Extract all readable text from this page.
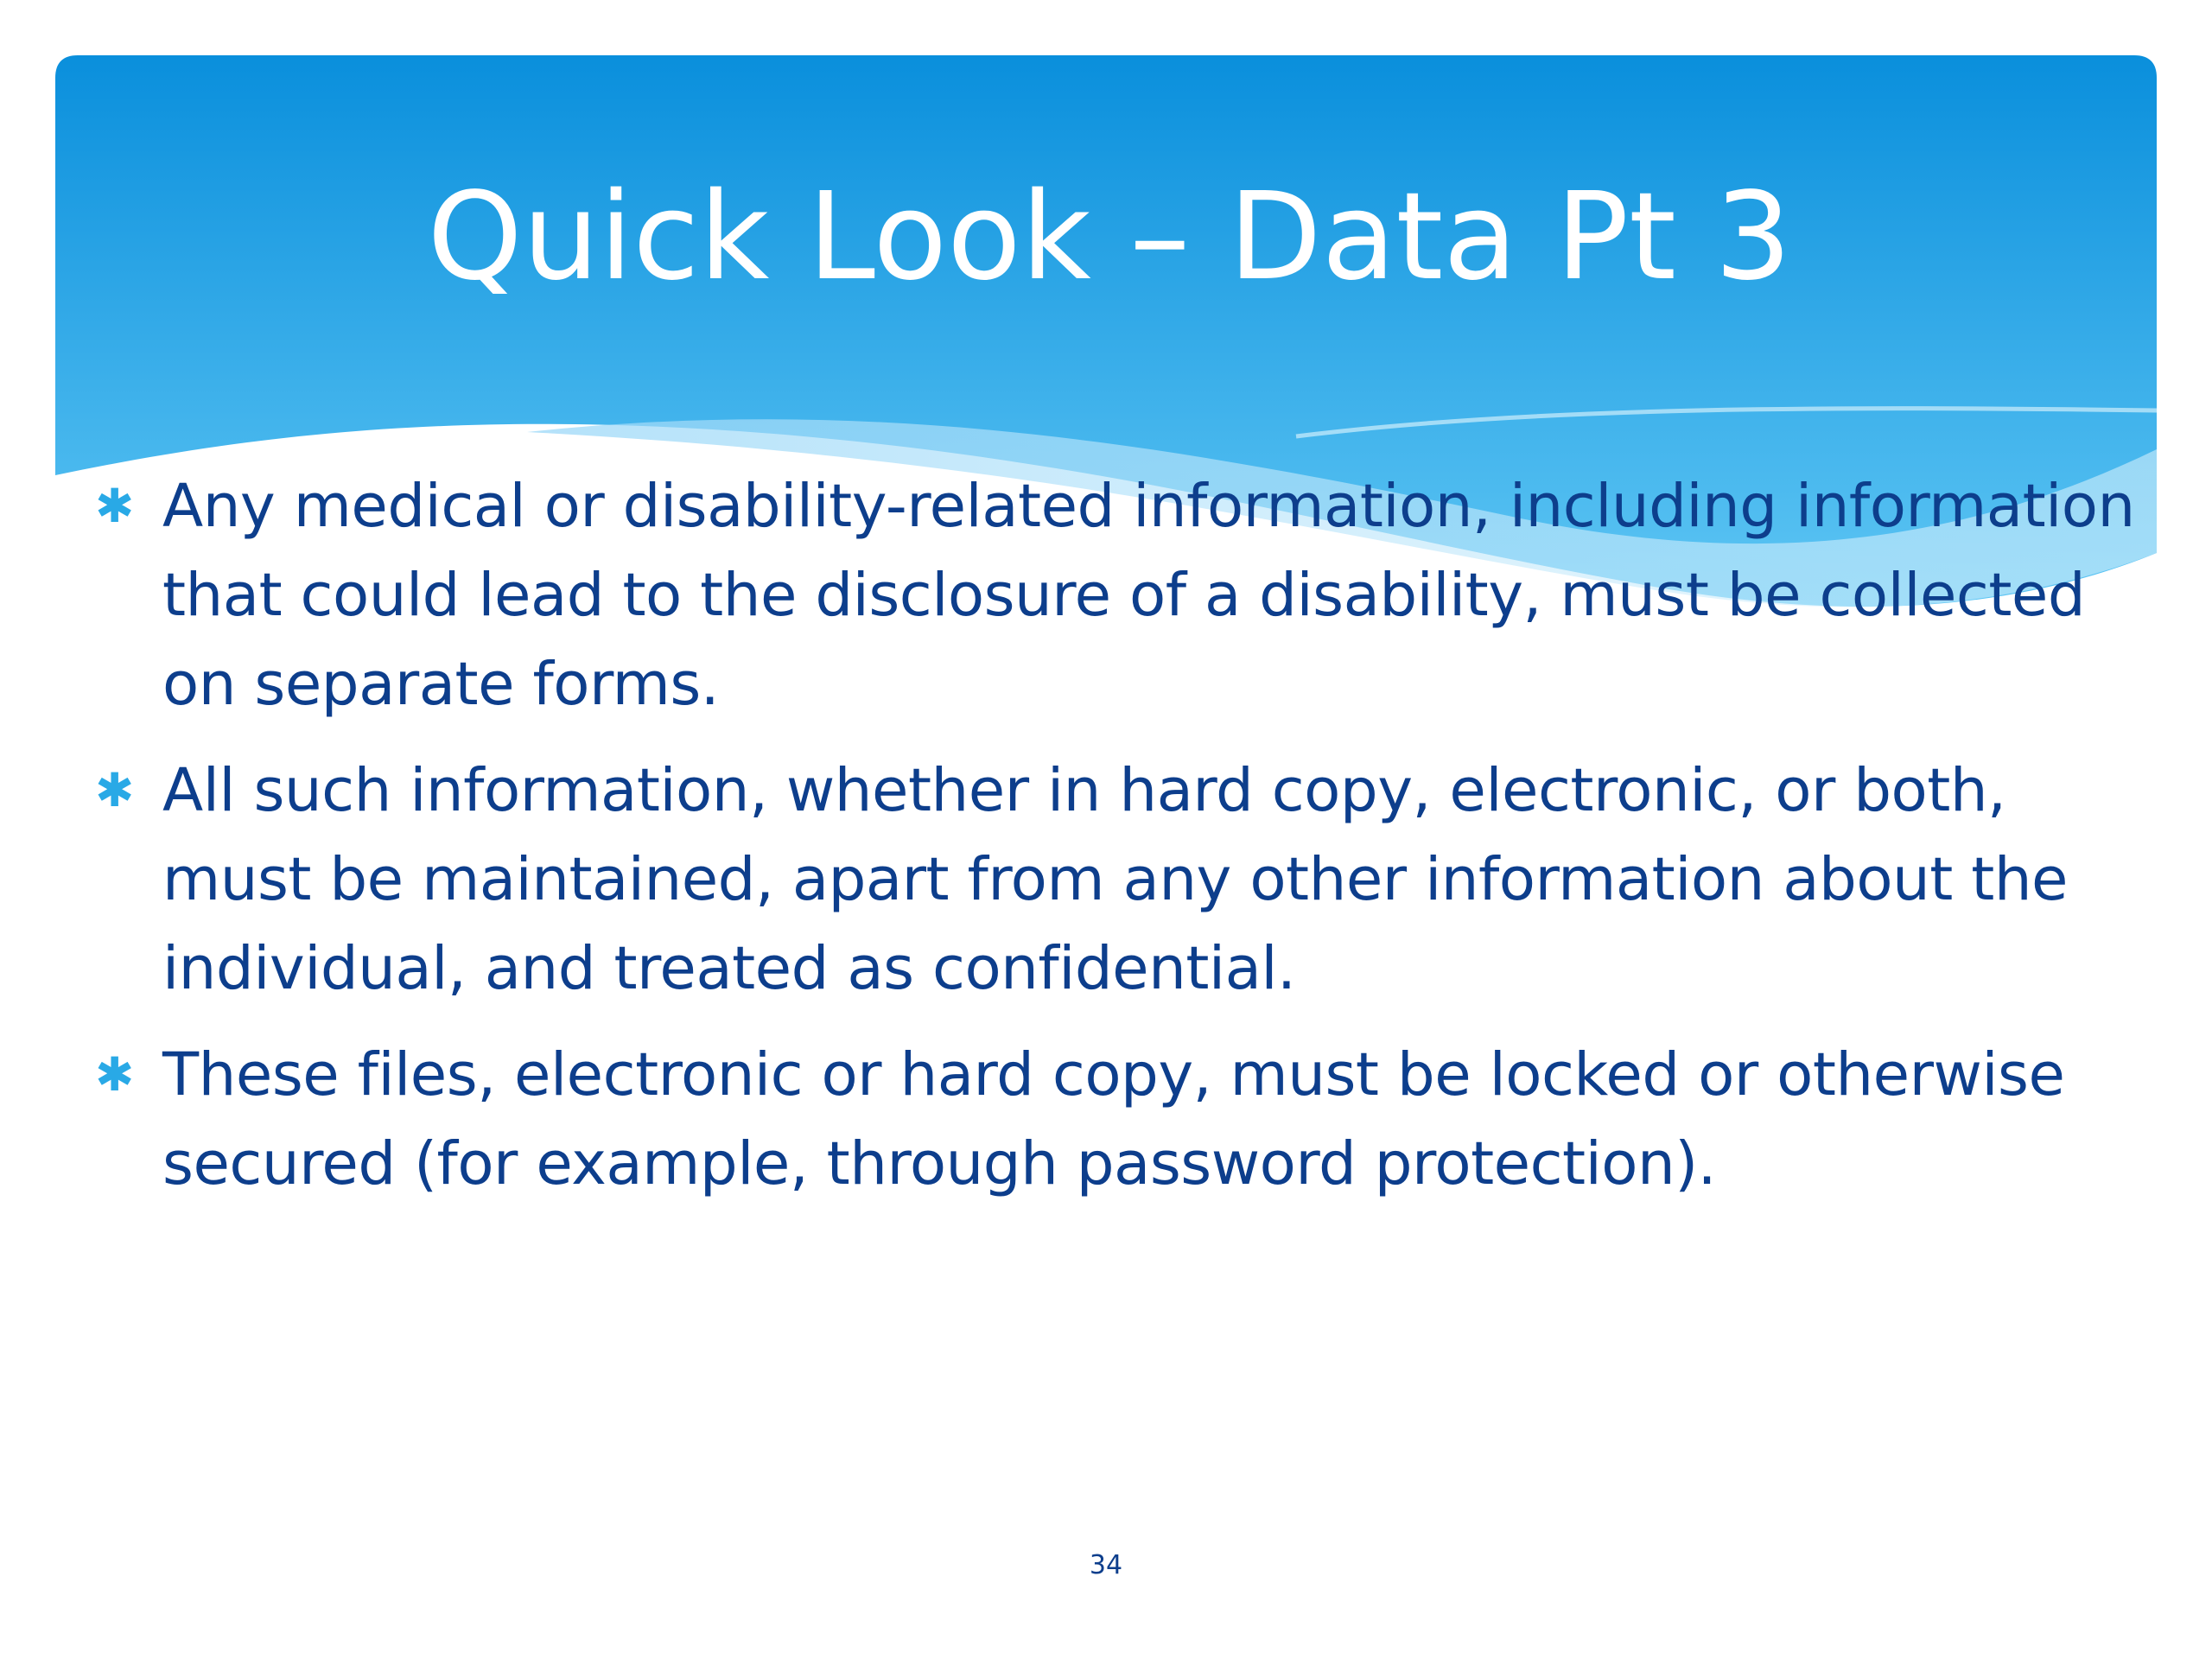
Quick Look – Data Pt 3
✱ Any medical or disability-related information, including information that could lead to the disclosure of a disability, must be collected on separate forms.
✱ All such information, whether in hard copy, electronic, or both, must be maintained, apart from any other information about the individual, and treated as confidential.
✱ These files, electronic or hard copy, must be locked or otherwise secured (for example, through password protection).
34
